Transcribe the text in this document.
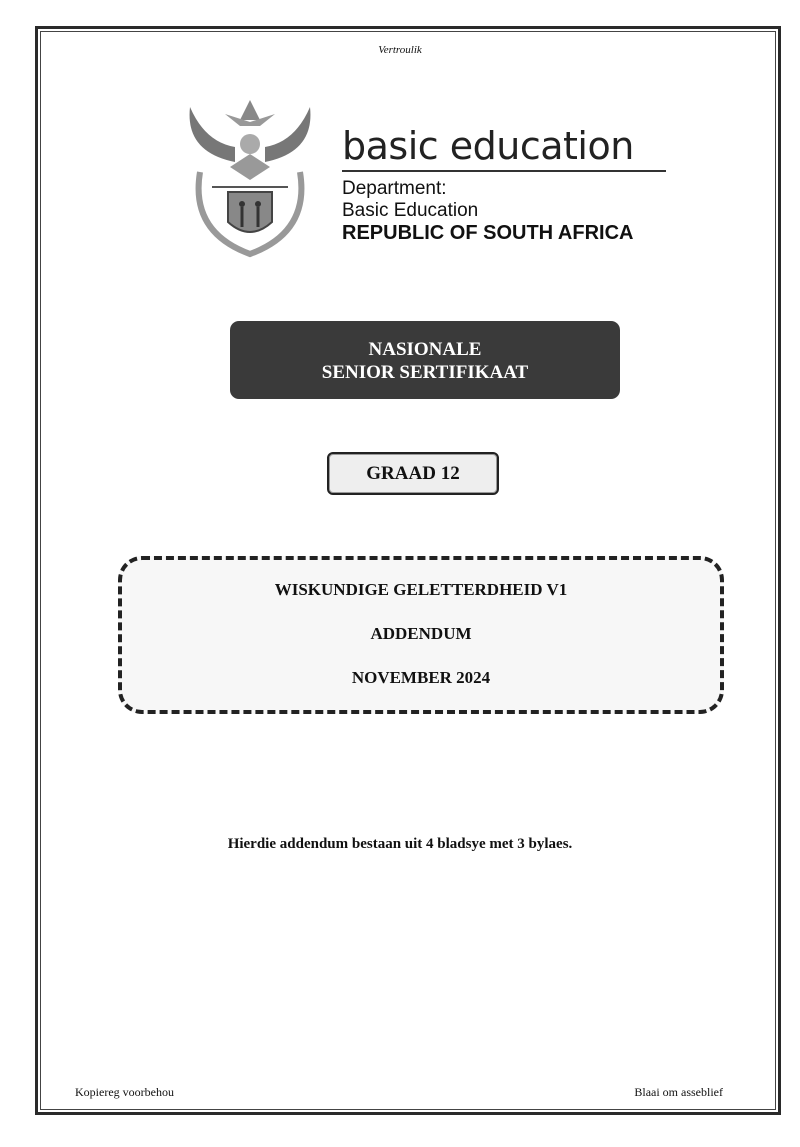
Vertroulik
basic education
Department:
Basic Education
REPUBLIC OF SOUTH AFRICA
NASIONALE
SENIOR SERTIFIKAAT
GRAAD 12
WISKUNDIGE GELETTERDHEID V1
ADDENDUM
NOVEMBER 2024
Hierdie addendum bestaan uit 4 bladsye met 3 bylaes.
Kopiereg voorbehou	Blaai om asseblief
